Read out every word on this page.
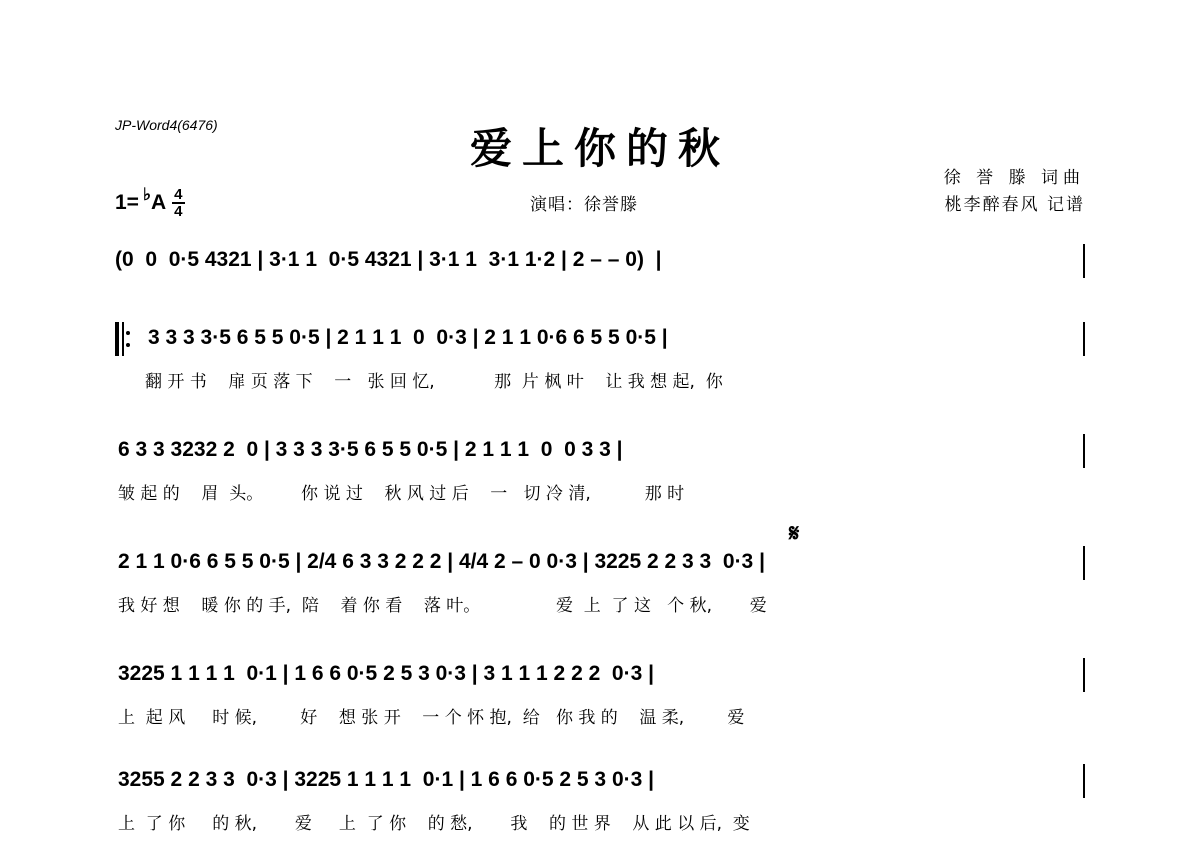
JP-Word4(6476)	爱上你的秋
徐 誉 滕 词曲
演唱：徐誉滕	桃李醉春风 记谱
1= ♭ A 4
4
(0  0  0·5 4321 | 3·1 1  0·5 4321 | 3·1 1  3·1 1·2 | 2 – – 0)  |
3 3 3 3·5 6 5 5 0·5 | 2 1 1 1  0  0·3 | 2 1 1 0·6 6 5 5 0·5 |
翻 开 书    扉 页 落 下    一   张 回 忆,           那  片 枫 叶    让 我 想 起,  你
6 3 3 3232 2  0 | 3 3 3 3·5 6 5 5 0·5 | 2 1 1 1  0  0 3 3 |
皱 起 的    眉  头。       你 说 过    秋 风 过 后    一   切 冷 清,          那 时
𝄋
2 1 1 0·6 6 5 5 0·5 | 2/4 6 3 3 2 2 2 | 4/4 2 – 0 0·3 | 3225 2 2 3 3  0·3 |
我 好 想    暖 你 的 手,  陪    着 你 看    落 叶。              爱  上  了 这   个 秋,       爱
3225 1 1 1 1  0·1 | 1 6 6 0·5 2 5 3 0·3 | 3 1 1 1 2 2 2  0·3 |
上  起 风     时 候,        好    想 张 开    一 个 怀 抱,  给   你 我 的    温 柔,        爱
3255 2 2 3 3  0·3 | 3225 1 1 1 1  0·1 | 1 6 6 0·5 2 5 3 0·3 |
上  了 你     的 秋,       爱     上  了 你    的 愁,       我    的 世 界    从 此 以 后,  变
